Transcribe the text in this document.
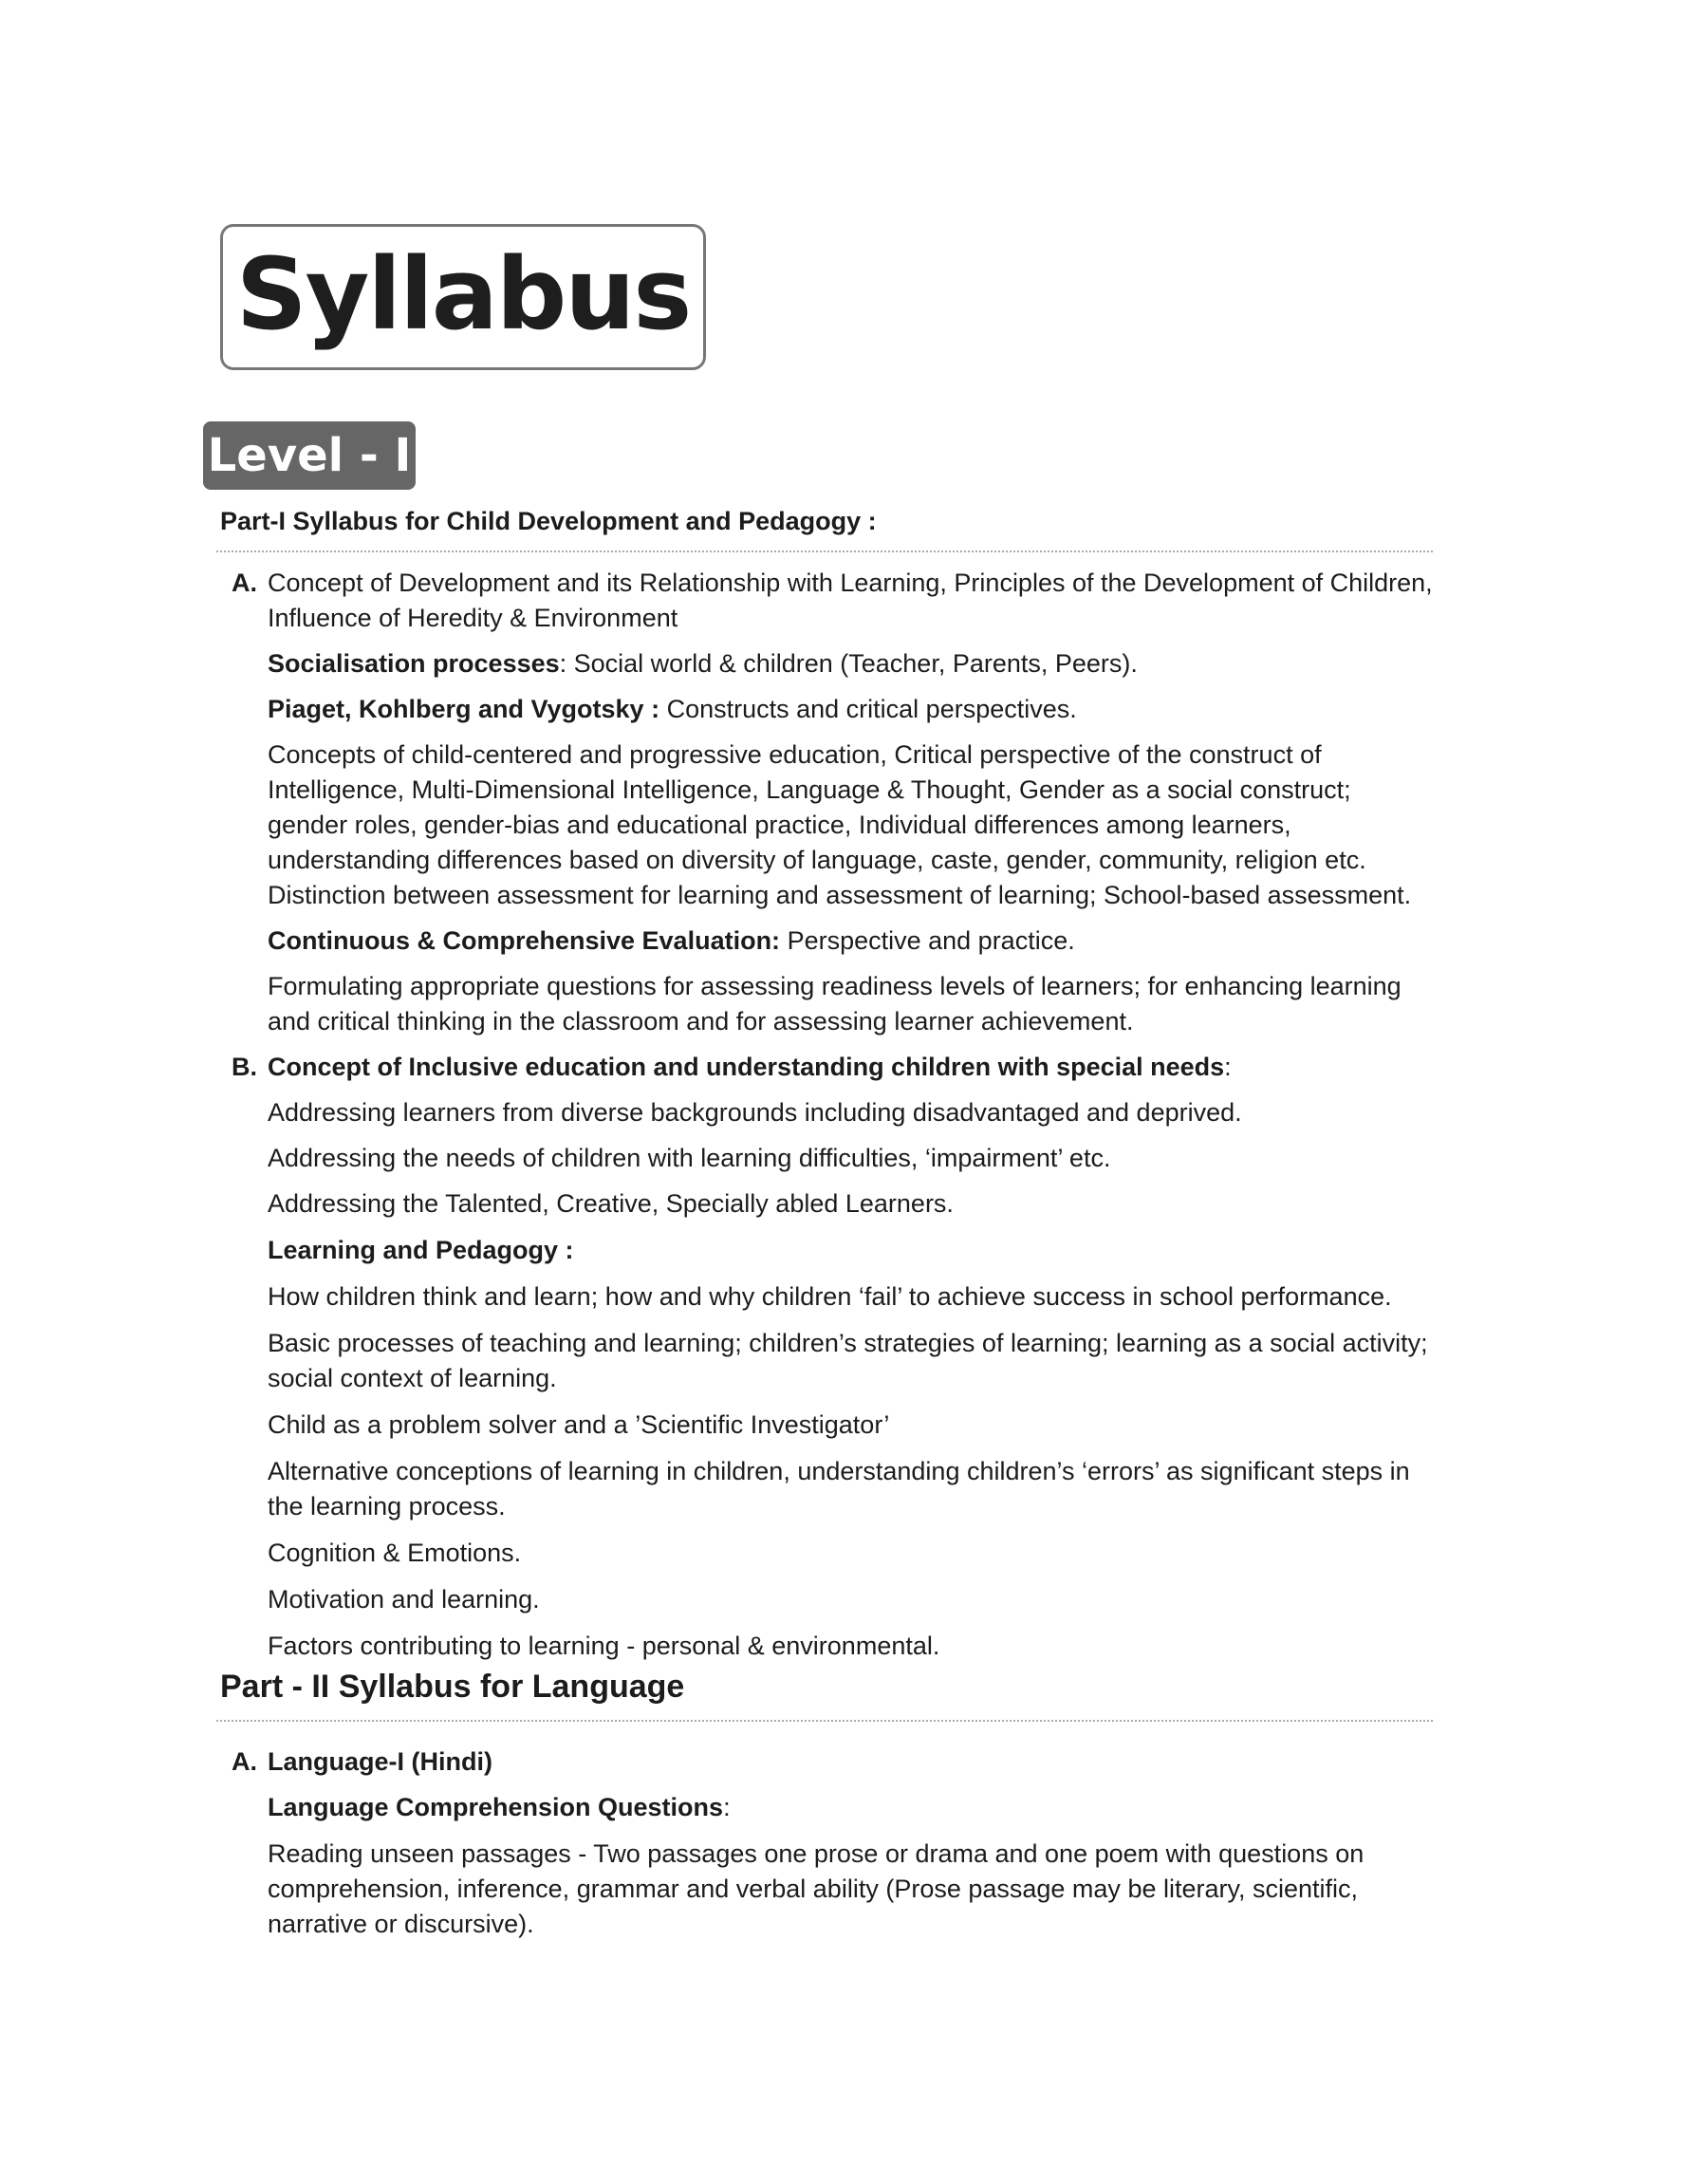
Syllabus
Level - I
Part-I Syllabus for Child Development and Pedagogy :
A. Concept of Development and its Relationship with Learning, Principles of the Development of Children, Influence of Heredity & Environment

Socialisation processes: Social world & children (Teacher, Parents, Peers).

Piaget, Kohlberg and Vygotsky : Constructs and critical perspectives.

Concepts of child-centered and progressive education, Critical perspective of the construct of Intelligence, Multi-Dimensional Intelligence, Language & Thought, Gender as a social construct; gender roles, gender-bias and educational practice, Individual differences among learners, understanding differences based on diversity of language, caste, gender, community, religion etc. Distinction between assessment for learning and assessment of learning; School-based assessment.

Continuous & Comprehensive Evaluation: Perspective and practice.

Formulating appropriate questions for assessing readiness levels of learners; for enhancing learning and critical thinking in the classroom and for assessing learner achievement.

B. Concept of Inclusive education and understanding children with special needs:

Addressing learners from diverse backgrounds including disadvantaged and deprived.

Addressing the needs of children with learning difficulties, ‘impairment’ etc.

Addressing the Talented, Creative, Specially abled Learners.

Learning and Pedagogy :

How children think and learn; how and why children ‘fail’ to achieve success in school performance.

Basic processes of teaching and learning; children’s strategies of learning; learning as a social activity; social context of learning.

Child as a problem solver and a ’Scientific Investigator’

Alternative conceptions of learning in children, understanding children’s ‘errors’ as significant steps in the learning process.

Cognition & Emotions.

Motivation and learning.

Factors contributing to learning - personal & environmental.

Part - II Syllabus for Language
A. Language-I (Hindi)

Language Comprehension Questions:

Reading unseen passages - Two passages one prose or drama and one poem with questions on comprehension, inference, grammar and verbal ability (Prose passage may be literary, scientific, narrative or discursive).
